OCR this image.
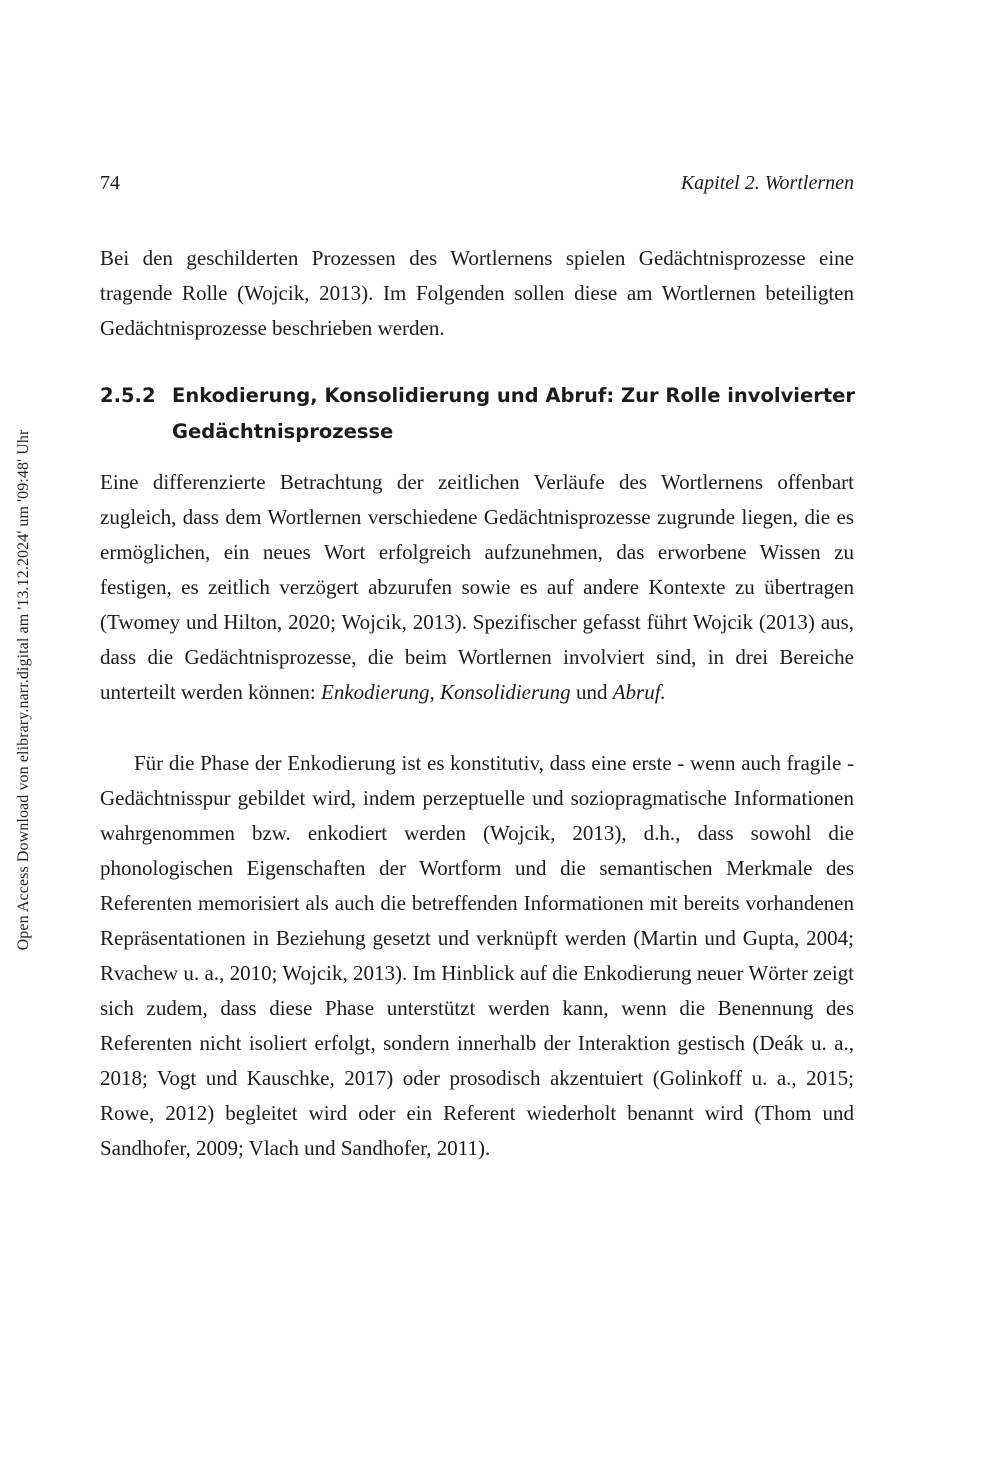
Open Access Download von elibrary.narr.digital am '13.12.2024' um '09:48' Uhr
74	Kapitel 2. Wortlernen

Bei den geschilderten Prozessen des Wortlernens spielen Gedächtnisprozesse eine tragende Rolle (Wojcik, 2013). Im Folgenden sollen diese am Wortlernen beteiligten Gedächtnisprozesse beschrieben werden.

2.5.2 Enkodierung, Konsolidierung und Abruf: Zur Rolle involvierter Gedächtnisprozesse

Eine differenzierte Betrachtung der zeitlichen Verläufe des Wortlernens offenbart zugleich, dass dem Wortlernen verschiedene Gedächtnisprozesse zugrunde liegen, die es ermöglichen, ein neues Wort erfolgreich aufzunehmen, das erworbene Wissen zu festigen, es zeitlich verzögert abzurufen sowie es auf andere Kontexte zu übertragen (Twomey und Hilton, 2020; Wojcik, 2013). Spezifischer gefasst führt Wojcik (2013) aus, dass die Gedächtnisprozesse, die beim Wortlernen involviert sind, in drei Bereiche unterteilt werden können: Enkodierung, Konsolidierung und Abruf.

Für die Phase der Enkodierung ist es konstitutiv, dass eine erste - wenn auch fragile - Gedächtnisspur gebildet wird, indem perzeptuelle und soziopragmatische Informationen wahrgenommen bzw. enkodiert werden (Wojcik, 2013), d.h., dass sowohl die phonologischen Eigenschaften der Wortform und die semantischen Merkmale des Referenten memorisiert als auch die betreffenden Informationen mit bereits vorhandenen Repräsentationen in Beziehung gesetzt und verknüpft werden (Martin und Gupta, 2004; Rvachew u. a., 2010; Wojcik, 2013). Im Hinblick auf die Enkodierung neuer Wörter zeigt sich zudem, dass diese Phase unterstützt werden kann, wenn die Benennung des Referenten nicht isoliert erfolgt, sondern innerhalb der Interaktion gestisch (Deák u. a., 2018; Vogt und Kauschke, 2017) oder prosodisch akzentuiert (Golinkoff u. a., 2015; Rowe, 2012) begleitet wird oder ein Referent wiederholt benannt wird (Thom und Sandhofer, 2009; Vlach und Sandhofer, 2011).
